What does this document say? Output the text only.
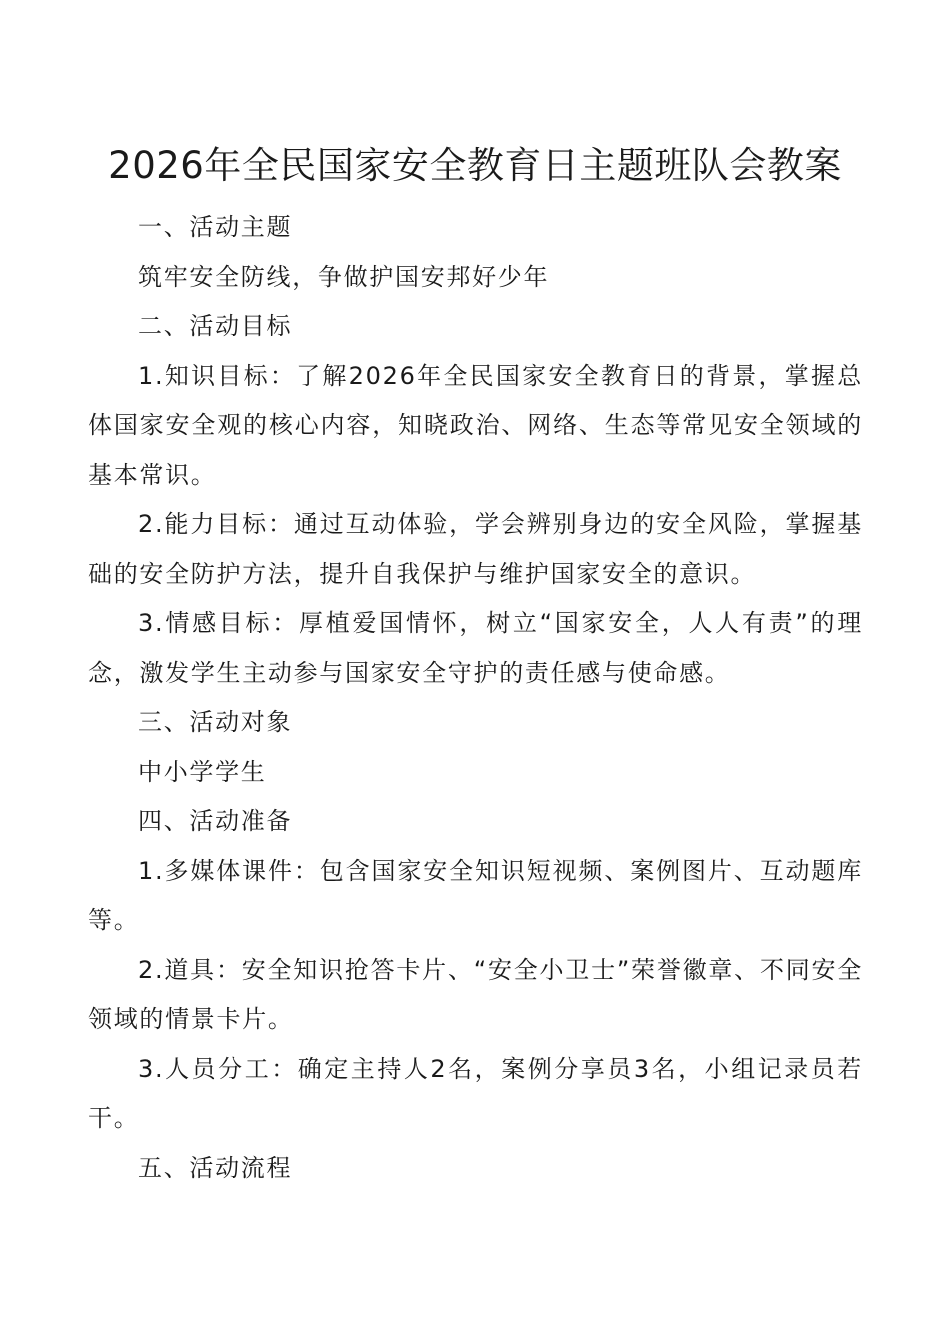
2026年全民国家安全教育日主题班队会教案

一、活动主题

筑牢安全防线，争做护国安邦好少年

二、活动目标

1.知识目标：了解2026年全民国家安全教育日的背景，掌握总体国家安全观的核心内容，知晓政治、网络、生态等常见安全领域的基本常识。

2.能力目标：通过互动体验，学会辨别身边的安全风险，掌握基础的安全防护方法，提升自我保护与维护国家安全的意识。

3.情感目标：厚植爱国情怀，树立“国家安全，人人有责”的理念，激发学生主动参与国家安全守护的责任感与使命感。

三、活动对象

中小学学生

四、活动准备

1.多媒体课件：包含国家安全知识短视频、案例图片、互动题库等。

2.道具：安全知识抢答卡片、“安全小卫士”荣誉徽章、不同安全领域的情景卡片。

3.人员分工：确定主持人2名，案例分享员3名，小组记录员若干。

五、活动流程
